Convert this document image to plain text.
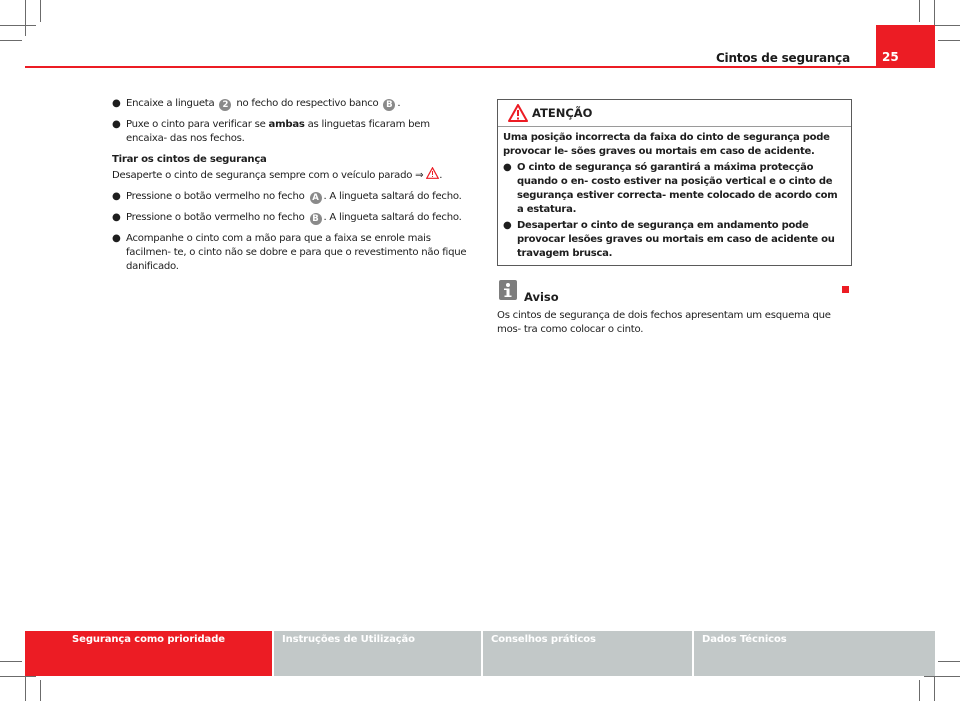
Cintos de segurança	25

● Encaixe a lingueta 2 no fecho do respectivo banco B .

● Puxe o cinto para verificar se ambas as linguetas ficaram bem encaixa- das nos fechos.

Tirar os cintos de segurança

Desaperte o cinto de segurança sempre com o veículo parado ⇒ .

● Pressione o botão vermelho no fecho A . A lingueta saltará do fecho.

● Pressione o botão vermelho no fecho B . A lingueta saltará do fecho.

● Acompanhe o cinto com a mão para que a faixa se enrole mais facilmen- te, o cinto não se dobre e para que o revestimento não fique danificado.

ATENÇÃO

Uma posição incorrecta da faixa do cinto de segurança pode provocar le- sões graves ou mortais em caso de acidente.

● O cinto de segurança só garantirá a máxima protecção quando o en- costo estiver na posição vertical e o cinto de segurança estiver correcta- mente colocado de acordo com a estatura.

● Desapertar o cinto de segurança em andamento pode provocar lesões graves ou mortais em caso de acidente ou travagem brusca.

Aviso

Os cintos de segurança de dois fechos apresentam um esquema que mos- tra como colocar o cinto.

Segurança como prioridade	Instruções de Utilização	Conselhos práticos	Dados Técnicos
